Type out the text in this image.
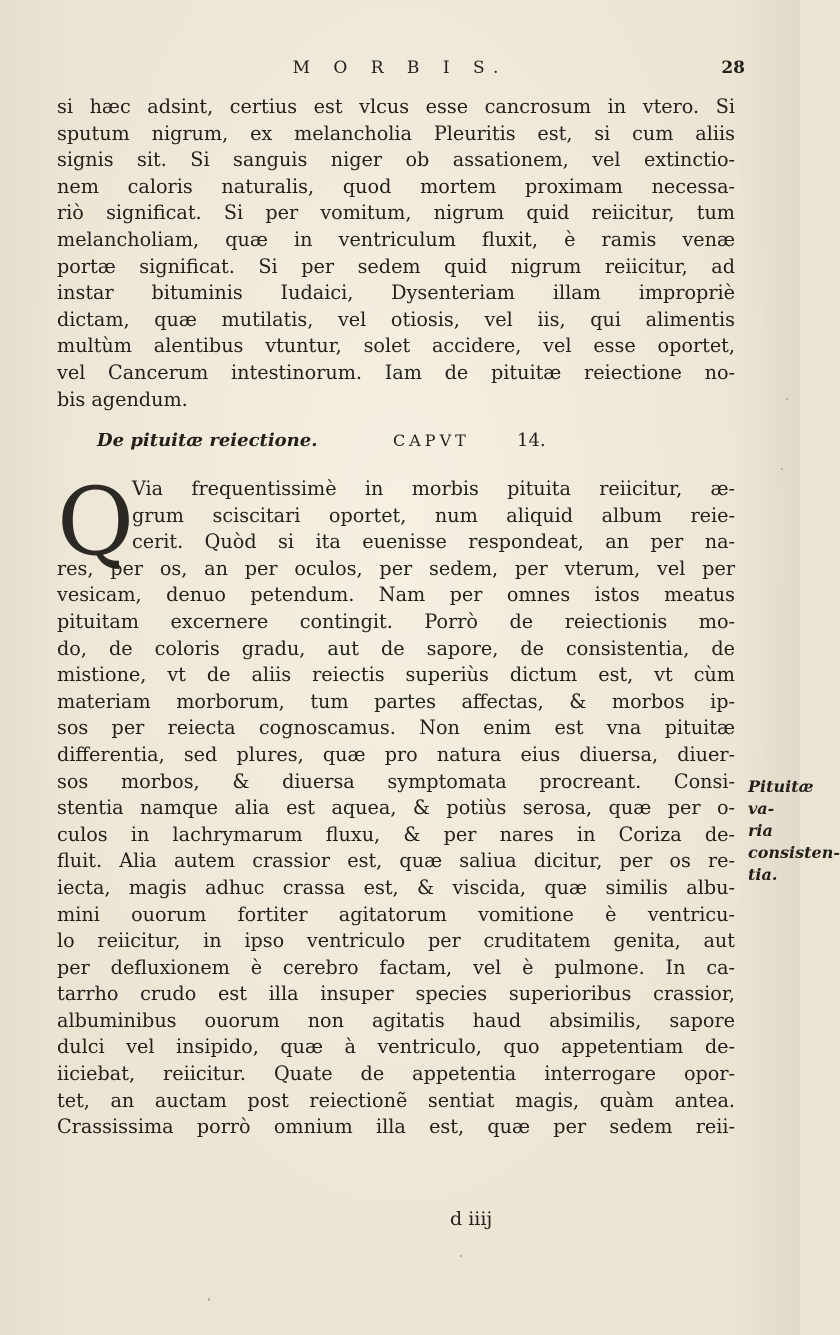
M O R B I S.	28
si hæc adsint, certius est vlcus esse cancrosum in vtero. Si
sputum nigrum, ex melancholia Pleuritis est, si cum aliis
signis sit. Si sanguis niger ob assationem, vel extinctio-
nem caloris naturalis, quod mortem proximam necessa-
riò significat. Si per vomitum, nigrum quid reiicitur, tum
melancholiam, quæ in ventriculum fluxit, è ramis venæ
portæ significat. Si per sedem quid nigrum reiicitur, ad
instar bituminis Iudaici, Dysenteriam illam impropriè
dictam, quæ mutilatis, vel otiosis, vel iis, qui alimentis
multùm alentibus vtuntur, solet accidere, vel esse oportet,
vel Cancerum intestinorum. Iam de pituitæ reiectione no-
bis agendum.
De pituitæ reiectione.	CAPVT	14.
Q
Via frequentissimè in morbis pituita reiicitur, æ-
grum sciscitari oportet, num aliquid album reie-
cerit. Quòd si ita euenisse respondeat, an per na-
res, per os, an per oculos, per sedem, per vterum, vel per
vesicam, denuo petendum. Nam per omnes istos meatus
pituitam excernere contingit. Porrò de reiectionis mo-
do, de coloris gradu, aut de sapore, de consistentia, de
mistione, vt de aliis reiectis superiùs dictum est, vt cùm
materiam morborum, tum partes affectas, & morbos ip-
sos per reiecta cognoscamus. Non enim est vna pituitæ
differentia, sed plures, quæ pro natura eius diuersa, diuer-
sos morbos, & diuersa symptomata procreant. Consi-
stentia namque alia est aquea, & potiùs serosa, quæ per o-
culos in lachrymarum fluxu, & per nares in Coriza de-
fluit. Alia autem crassior est, quæ saliua dicitur, per os re-
iecta, magis adhuc crassa est, & viscida, quæ similis albu-
mini ouorum fortiter agitatorum vomitione è ventricu-
lo reiicitur, in ipso ventriculo per cruditatem genita, aut
per defluxionem è cerebro factam, vel è pulmone. In ca-
tarrho crudo est illa insuper species superioribus crassior,
albuminibus ouorum non agitatis haud absimilis, sapore
dulci vel insipido, quæ à ventriculo, quo appetentiam de-
iiciebat, reiicitur. Quate de appetentia interrogare opor-
tet, an auctam post reiectionẽ sentiat magis, quàm antea.
Crassissima porrò omnium illa est, quæ per sedem reii-
Pituitæ va-
ria consisten-
tia.
d iiij
